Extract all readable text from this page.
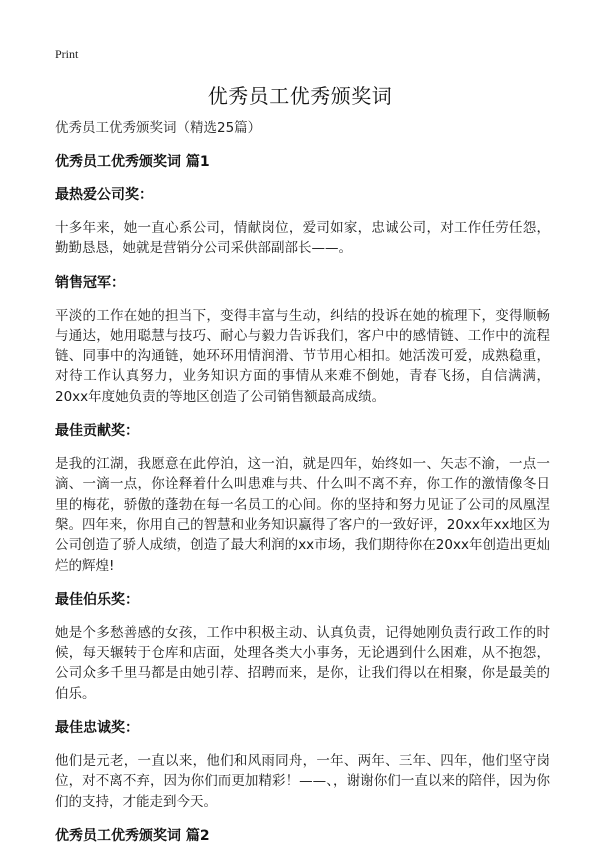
Print
优秀员工优秀颁奖词

优秀员工优秀颁奖词（精选25篇）

优秀员工优秀颁奖词 篇1

最热爱公司奖：

十多年来，她一直心系公司，情献岗位，爱司如家，忠诚公司，对工作任劳任怨，勤勤恳恳，她就是营销分公司采供部副部长——。

销售冠军：

平淡的工作在她的担当下，变得丰富与生动，纠结的投诉在她的梳理下，变得顺畅与通达，她用聪慧与技巧、耐心与毅力告诉我们，客户中的感情链、工作中的流程链、同事中的沟通链，她环环用情润滑、节节用心相扣。她活泼可爱，成熟稳重，对待工作认真努力，业务知识方面的事情从来难不倒她，青春飞扬，自信满满，20xx年度她负责的等地区创造了公司销售额最高成绩。

最佳贡献奖：

是我的江湖，我愿意在此停泊，这一泊，就是四年，始终如一、矢志不渝，一点一滴、一滴一点，你诠释着什么叫患难与共、什么叫不离不弃，你工作的激情像冬日里的梅花，骄傲的蓬勃在每一名员工的心间。你的坚持和努力见证了公司的凤凰涅槃。四年来，你用自己的智慧和业务知识赢得了客户的一致好评，20xx年xx地区为公司创造了骄人成绩，创造了最大利润的xx市场，我们期待你在20xx年创造出更灿烂的辉煌!

最佳伯乐奖：

她是个多愁善感的女孩，工作中积极主动、认真负责，记得她刚负责行政工作的时候，每天辗转于仓库和店面，处理各类大小事务，无论遇到什么困难，从不抱怨，公司众多千里马都是由她引荐、招聘而来，是你，让我们得以在相聚，你是最美的伯乐。

最佳忠诚奖：

他们是元老，一直以来，他们和风雨同舟，一年、两年、三年、四年，他们坚守岗位，对不离不弃，因为你们而更加精彩！——、，谢谢你们一直以来的陪伴，因为你们的支持，才能走到今天。

优秀员工优秀颁奖词 篇2
